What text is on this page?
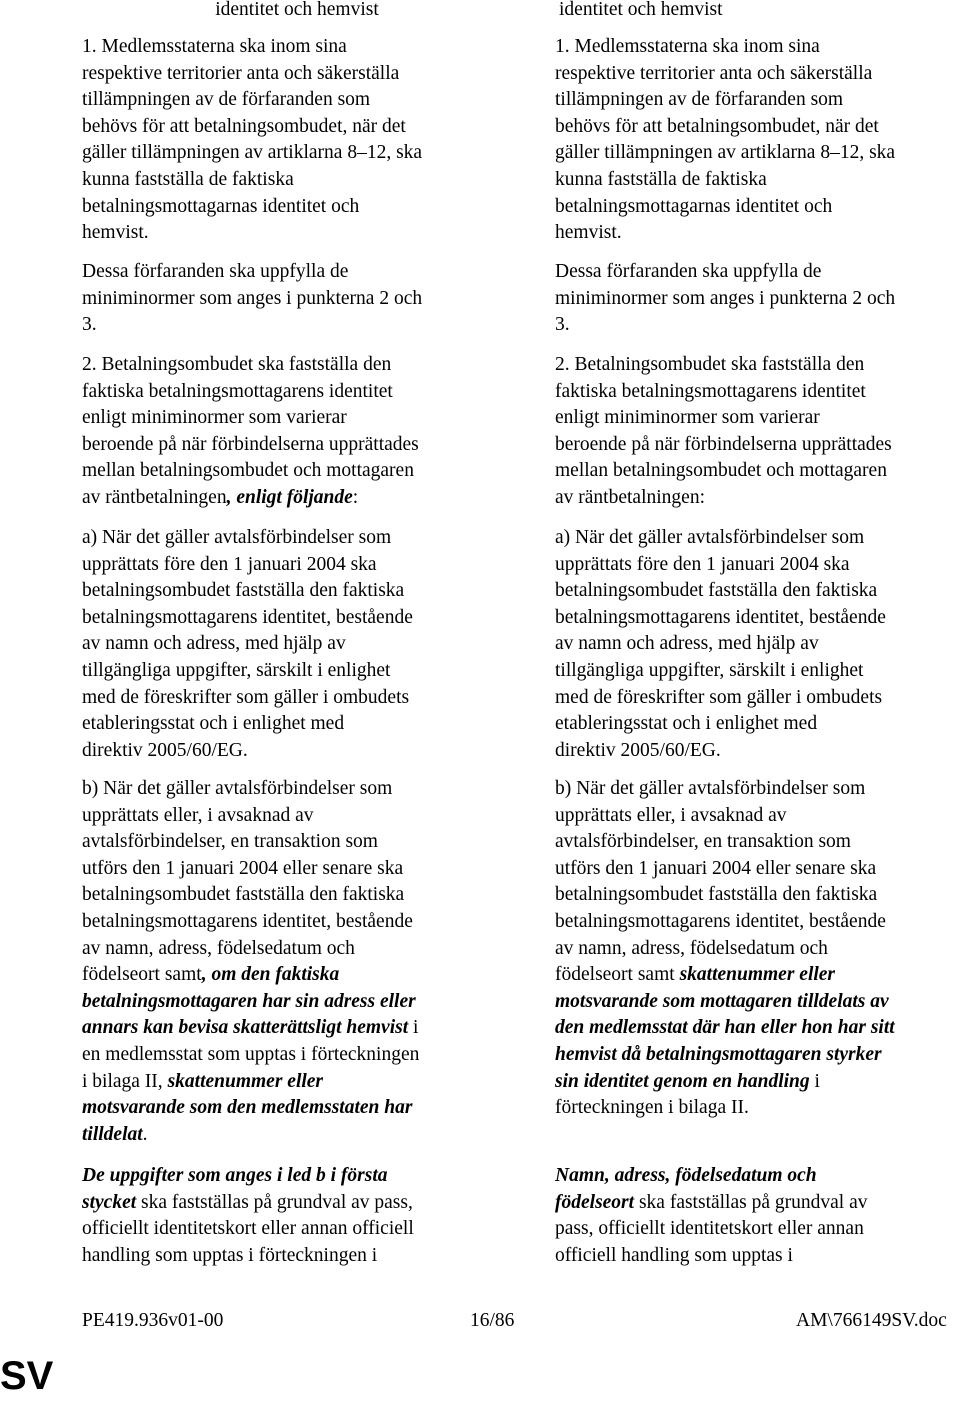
identitet och hemvist
1. Medlemsstaterna ska inom sina
respektive territorier anta och säkerställa
tillämpningen av de förfaranden som
behövs för att betalningsombudet, när det
gäller tillämpningen av artiklarna 8–12, ska
kunna fastställa de faktiska
betalningsmottagarnas identitet och
hemvist.
Dessa förfaranden ska uppfylla de
miniminormer som anges i punkterna 2 och
3.
2. Betalningsombudet ska fastställa den
faktiska betalningsmottagarens identitet
enligt miniminormer som varierar
beroende på när förbindelserna upprättades
mellan betalningsombudet och mottagaren
av räntbetalningen, enligt följande:
a) När det gäller avtalsförbindelser som
upprättats före den 1 januari 2004 ska
betalningsombudet fastställa den faktiska
betalningsmottagarens identitet, bestående
av namn och adress, med hjälp av
tillgängliga uppgifter, särskilt i enlighet
med de föreskrifter som gäller i ombudets
etableringsstat och i enlighet med
direktiv 2005/60/EG.
b) När det gäller avtalsförbindelser som
upprättats eller, i avsaknad av
avtalsförbindelser, en transaktion som
utförs den 1 januari 2004 eller senare ska
betalningsombudet fastställa den faktiska
betalningsmottagarens identitet, bestående
av namn, adress, födelsedatum och
födelseort samt, om den faktiska
betalningsmottagaren har sin adress eller
annars kan bevisa skatterättsligt hemvist i
en medlemsstat som upptas i förteckningen
i bilaga II, skattenummer eller
motsvarande som den medlemsstaten har
tilldelat.
De uppgifter som anges i led b i första
stycket ska fastställas på grundval av pass,
officiellt identitetskort eller annan officiell
handling som upptas i förteckningen i
identitet och hemvist
1. Medlemsstaterna ska inom sina
respektive territorier anta och säkerställa
tillämpningen av de förfaranden som
behövs för att betalningsombudet, när det
gäller tillämpningen av artiklarna 8–12, ska
kunna fastställa de faktiska
betalningsmottagarnas identitet och
hemvist.
Dessa förfaranden ska uppfylla de
miniminormer som anges i punkterna 2 och
3.
2. Betalningsombudet ska fastställa den
faktiska betalningsmottagarens identitet
enligt miniminormer som varierar
beroende på när förbindelserna upprättades
mellan betalningsombudet och mottagaren
av räntbetalningen:
a) När det gäller avtalsförbindelser som
upprättats före den 1 januari 2004 ska
betalningsombudet fastställa den faktiska
betalningsmottagarens identitet, bestående
av namn och adress, med hjälp av
tillgängliga uppgifter, särskilt i enlighet
med de föreskrifter som gäller i ombudets
etableringsstat och i enlighet med
direktiv 2005/60/EG.
b) När det gäller avtalsförbindelser som
upprättats eller, i avsaknad av
avtalsförbindelser, en transaktion som
utförs den 1 januari 2004 eller senare ska
betalningsombudet fastställa den faktiska
betalningsmottagarens identitet, bestående
av namn, adress, födelsedatum och
födelseort samt skattenummer eller
motsvarande som mottagaren tilldelats av
den medlemsstat där han eller hon har sitt
hemvist då betalningsmottagaren styrker
sin identitet genom en handling i
förteckningen i bilaga II.
Namn, adress, födelsedatum och
födelseort ska fastställas på grundval av
pass, officiellt identitetskort eller annan
officiell handling som upptas i
PE419.936v01-00	16/86	AM\766149SV.doc
SV
